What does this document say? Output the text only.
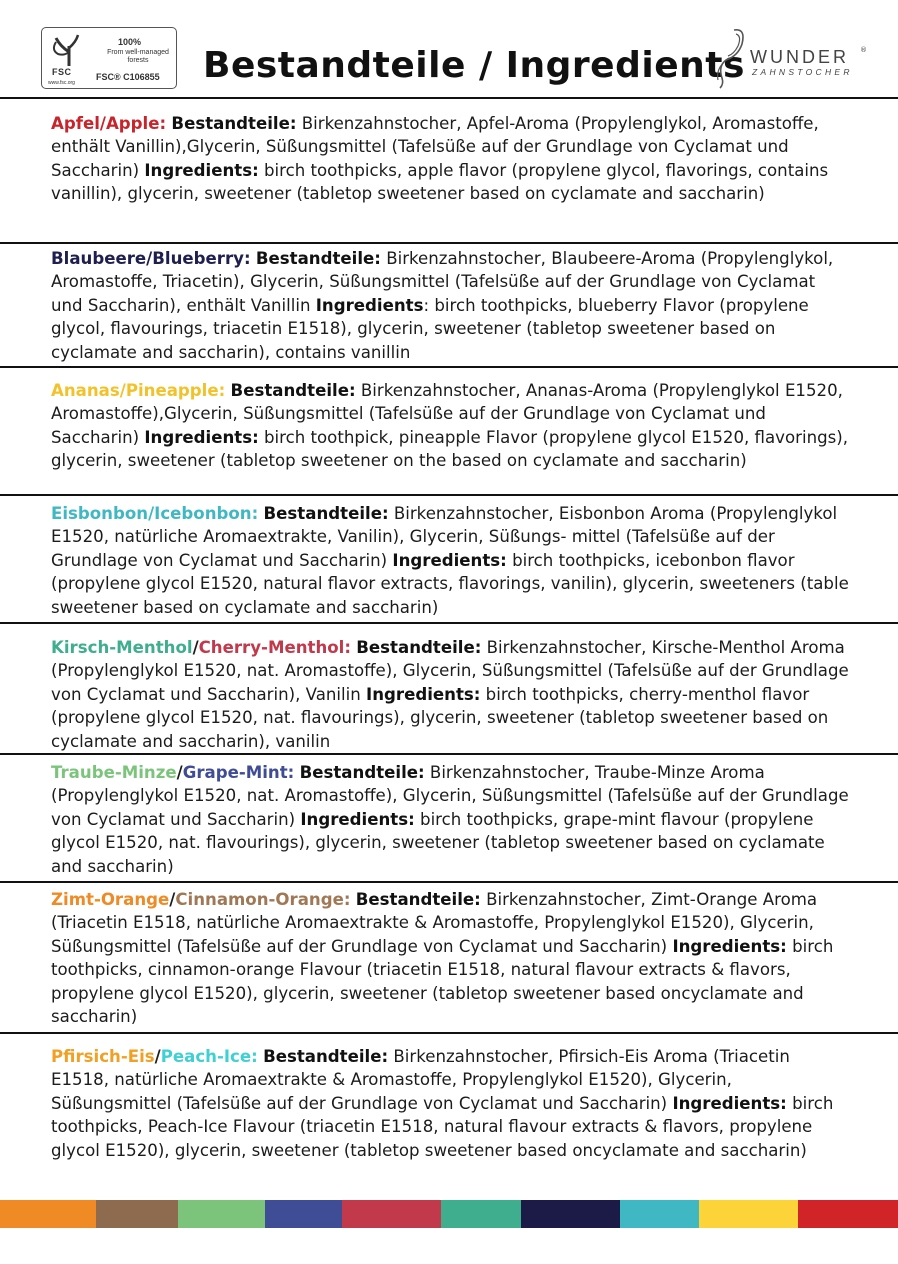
FSC
www.fsc.org
100%
From well-managed forests
FSC® C106855 Bestandteile / Ingredients WUNDER ®
ZAHNSTOCHER
Apfel/Apple: Bestandteile: Birkenzahnstocher, Apfel-Aroma (Propylenglykol, Aromastoffe, enthält Vanillin),Glycerin, Süßungsmittel (Tafelsüße auf der Grundlage von Cyclamat und Saccharin) Ingredients: birch toothpicks, apple flavor (propylene glycol, flavorings, contains vanillin), glycerin, sweetener (tabletop sweetener based on cyclamate and saccharin)
Blaubeere/Blueberry: Bestandteile: Birkenzahnstocher, Blaubeere-Aroma (Propylenglykol, Aromastoffe, Triacetin), Glycerin, Süßungsmittel (Tafelsüße auf der Grundlage von Cyclamat und Saccharin), enthält Vanillin Ingredients: birch toothpicks, blueberry Flavor (propylene glycol, flavourings, triacetin E1518), glycerin, sweetener (tabletop sweetener based on cyclamate and saccharin), contains vanillin
Ananas/Pineapple: Bestandteile: Birkenzahnstocher, Ananas-Aroma (Propylenglykol E1520, Aromastoffe),Glycerin, Süßungsmittel (Tafelsüße auf der Grundlage von Cyclamat und Saccharin) Ingredients: birch toothpick, pineapple Flavor (propylene glycol E1520, flavorings), glycerin, sweetener (tabletop sweetener on the based on cyclamate and saccharin)
Eisbonbon/Icebonbon: Bestandteile: Birkenzahnstocher, Eisbonbon Aroma (Propylenglykol E1520, natürliche Aromaextrakte, Vanilin), Glycerin, Süßungs- mittel (Tafelsüße auf der Grundlage von Cyclamat und Saccharin) Ingredients: birch toothpicks, icebonbon flavor (propylene glycol E1520, natural flavor extracts, flavorings, vanilin), glycerin, sweeteners (table sweetener based on cyclamate and saccharin)
Kirsch-Menthol/Cherry-Menthol: Bestandteile: Birkenzahnstocher, Kirsche-Menthol Aroma (Propylenglykol E1520, nat. Aromastoffe), Glycerin, Süßungsmittel (Tafelsüße auf der Grundlage von Cyclamat und Saccharin), Vanilin Ingredients: birch toothpicks, cherry-menthol flavor (propylene glycol E1520, nat. flavourings), glycerin, sweetener (tabletop sweetener based on cyclamate and saccharin), vanilin
Traube-Minze/Grape-Mint: Bestandteile: Birkenzahnstocher, Traube-Minze Aroma (Propylenglykol E1520, nat. Aromastoffe), Glycerin, Süßungsmittel (Tafelsüße auf der Grundlage von Cyclamat und Saccharin) Ingredients: birch toothpicks, grape-mint flavour (propylene glycol E1520, nat. flavourings), glycerin, sweetener (tabletop sweetener based on cyclamate and saccharin)
Zimt-Orange/Cinnamon-Orange: Bestandteile: Birkenzahnstocher, Zimt-Orange Aroma (Triacetin E1518, natürliche Aromaextrakte & Aromastoffe, Propylenglykol E1520), Glycerin, Süßungsmittel (Tafelsüße auf der Grundlage von Cyclamat und Saccharin) Ingredients: birch toothpicks, cinnamon-orange Flavour (triacetin E1518, natural flavour extracts & flavors, propylene glycol E1520), glycerin, sweetener (tabletop sweetener based oncyclamate and saccharin)
Pfirsich-Eis/Peach-Ice: Bestandteile: Birkenzahnstocher, Pfirsich-Eis Aroma (Triacetin E1518, natürliche Aromaextrakte & Aromastoffe, Propylenglykol E1520), Glycerin, Süßungsmittel (Tafelsüße auf der Grundlage von Cyclamat und Saccharin) Ingredients: birch toothpicks, Peach-Ice Flavour (triacetin E1518, natural flavour extracts & flavors, propylene glycol E1520), glycerin, sweetener (tabletop sweetener based oncyclamate and saccharin)
